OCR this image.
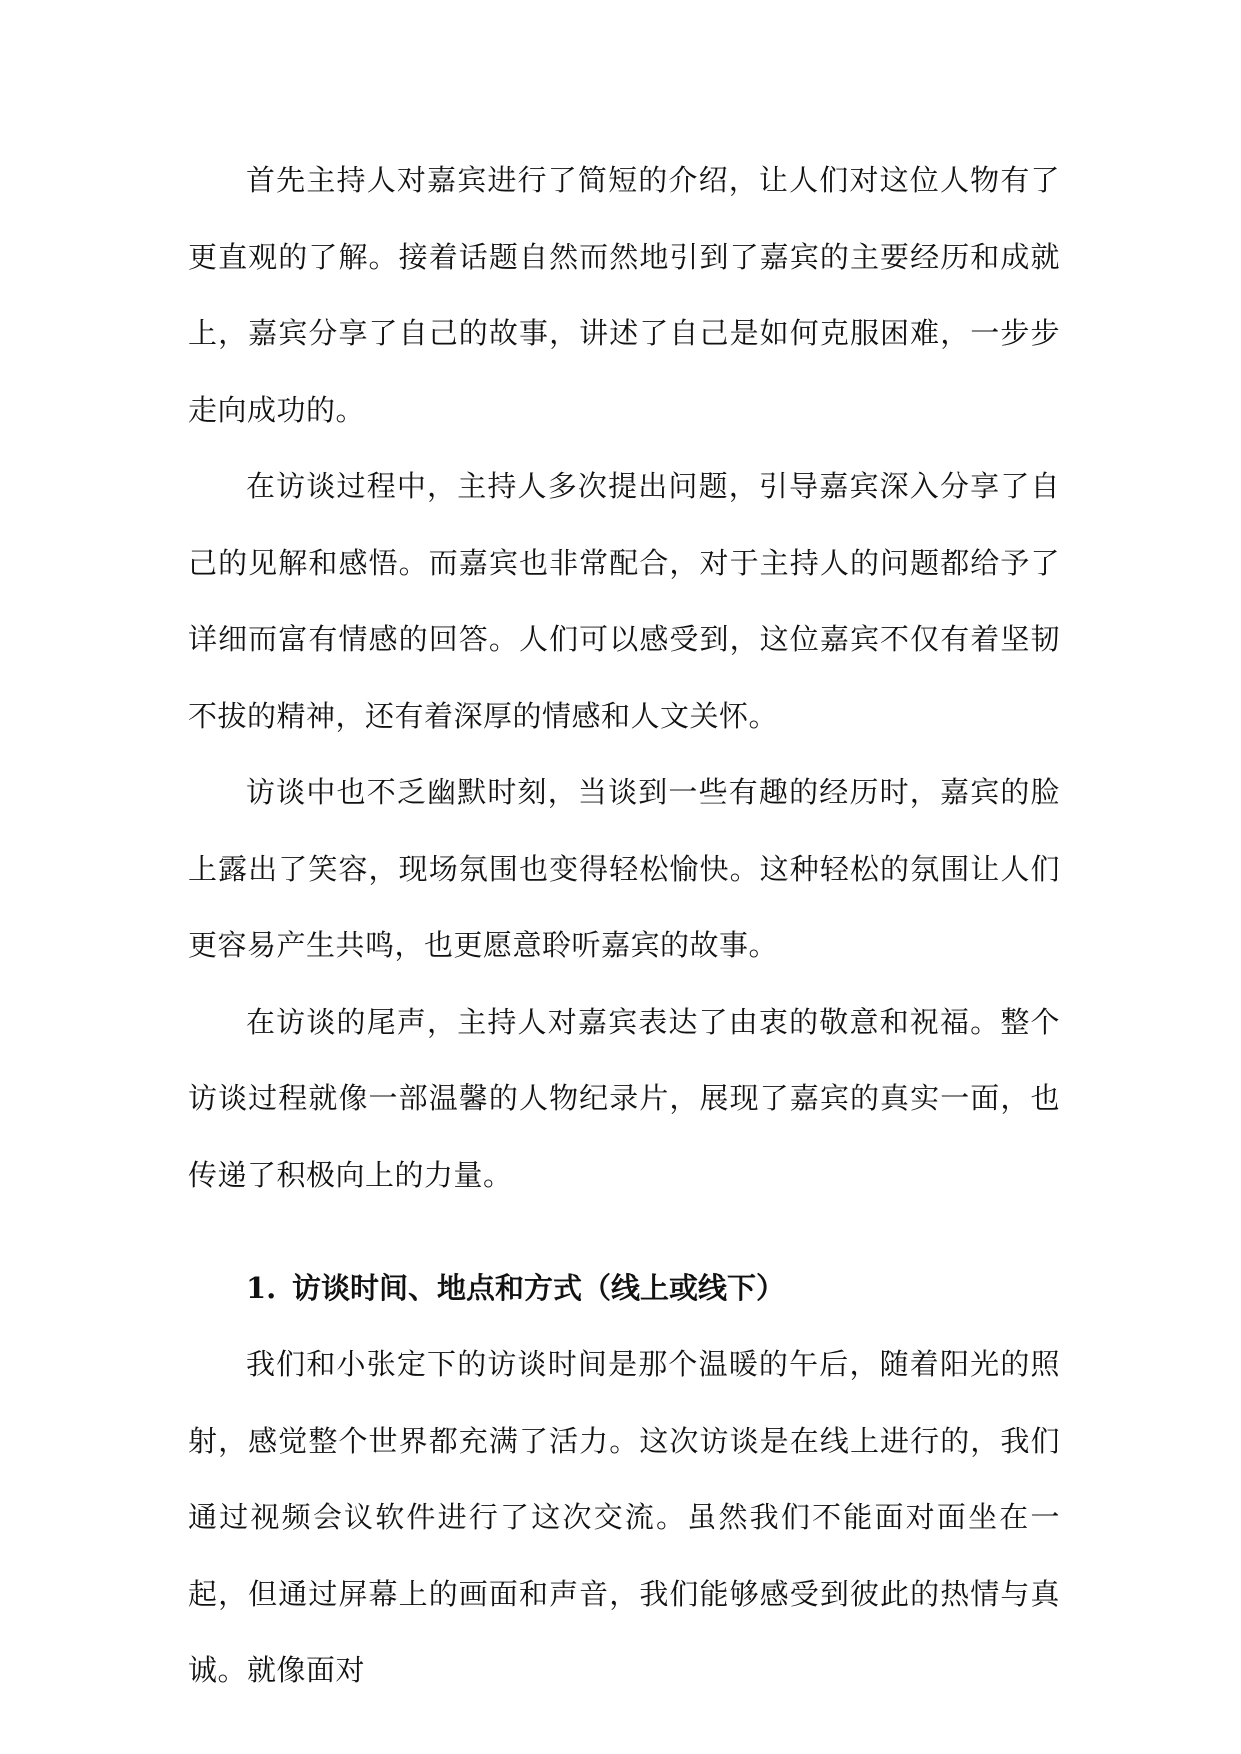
首先主持人对嘉宾进行了简短的介绍，让人们对这位人物有了更直观的了解。接着话题自然而然地引到了嘉宾的主要经历和成就上，嘉宾分享了自己的故事，讲述了自己是如何克服困难，一步步走向成功的。

在访谈过程中，主持人多次提出问题，引导嘉宾深入分享了自己的见解和感悟。而嘉宾也非常配合，对于主持人的问题都给予了详细而富有情感的回答。人们可以感受到，这位嘉宾不仅有着坚韧不拔的精神，还有着深厚的情感和人文关怀。

访谈中也不乏幽默时刻，当谈到一些有趣的经历时，嘉宾的脸上露出了笑容，现场氛围也变得轻松愉快。这种轻松的氛围让人们更容易产生共鸣，也更愿意聆听嘉宾的故事。

在访谈的尾声，主持人对嘉宾表达了由衷的敬意和祝福。整个访谈过程就像一部温馨的人物纪录片，展现了嘉宾的真实一面，也传递了积极向上的力量。

1. 访谈时间、地点和方式（线上或线下）

我们和小张定下的访谈时间是那个温暖的午后，随着阳光的照射，感觉整个世界都充满了活力。这次访谈是在线上进行的，我们通过视频会议软件进行了这次交流。虽然我们不能面对面坐在一起，但通过屏幕上的画面和声音，我们能够感受到彼此的热情与真诚。就像面对
